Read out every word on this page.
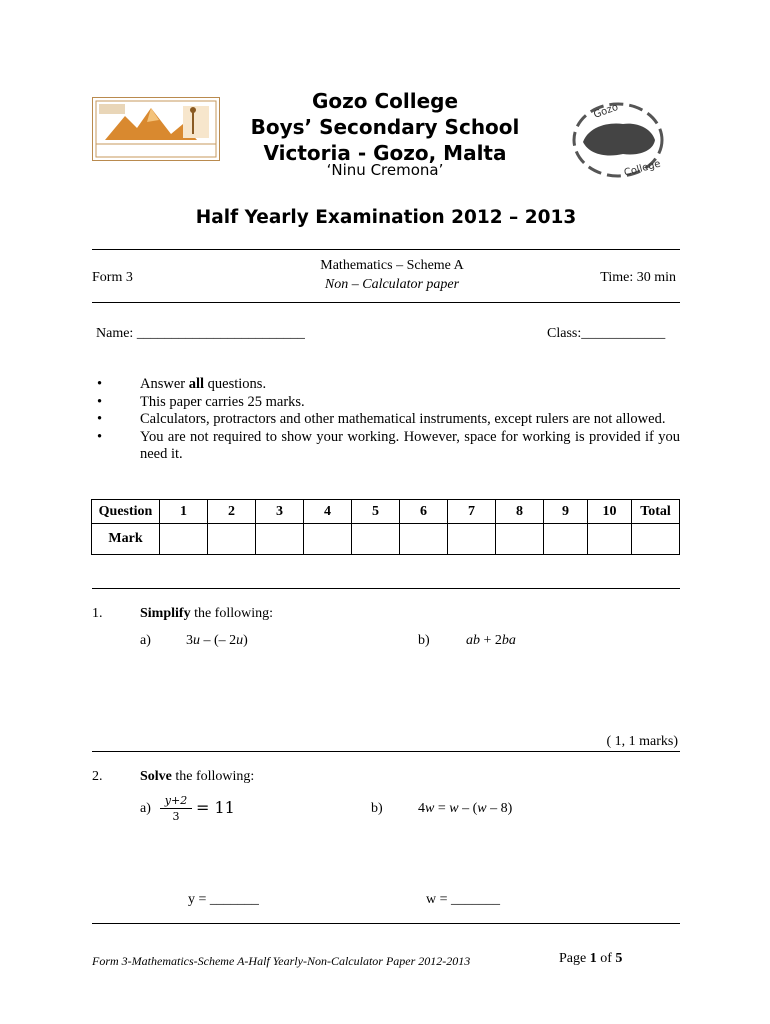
Gozo College
Boys’ Secondary School
Victoria - Gozo, Malta
‘Ninu Cremona’
Gozo
College
Half Yearly Examination 2012 – 2013
Form 3
Mathematics – Scheme A
Non – Calculator paper	Time: 30 min
Name: ________________________	Class:____________
•	Answer all questions.
•	This paper carries 25 marks.
•	Calculators, protractors and other mathematical instruments, except rulers are not allowed.
•	You are not required to show your working. However, space for working is provided if you need it.
Question	1	2	3	4	5	6	7	8	9	10	Total
Mark											
1.	Simplify the following:
a)	3u – (– 2u)	b)	ab + 2ba
( 1, 1 marks)
2.	Solve the following:
$a) \frac{y+2}{3} = 11$	b)	4w = w – (w – 8)
y = _______	w = _______
Form 3-Mathematics-Scheme A-Half Yearly-Non-Calculator Paper 2012-2013	Page 1 of 5
